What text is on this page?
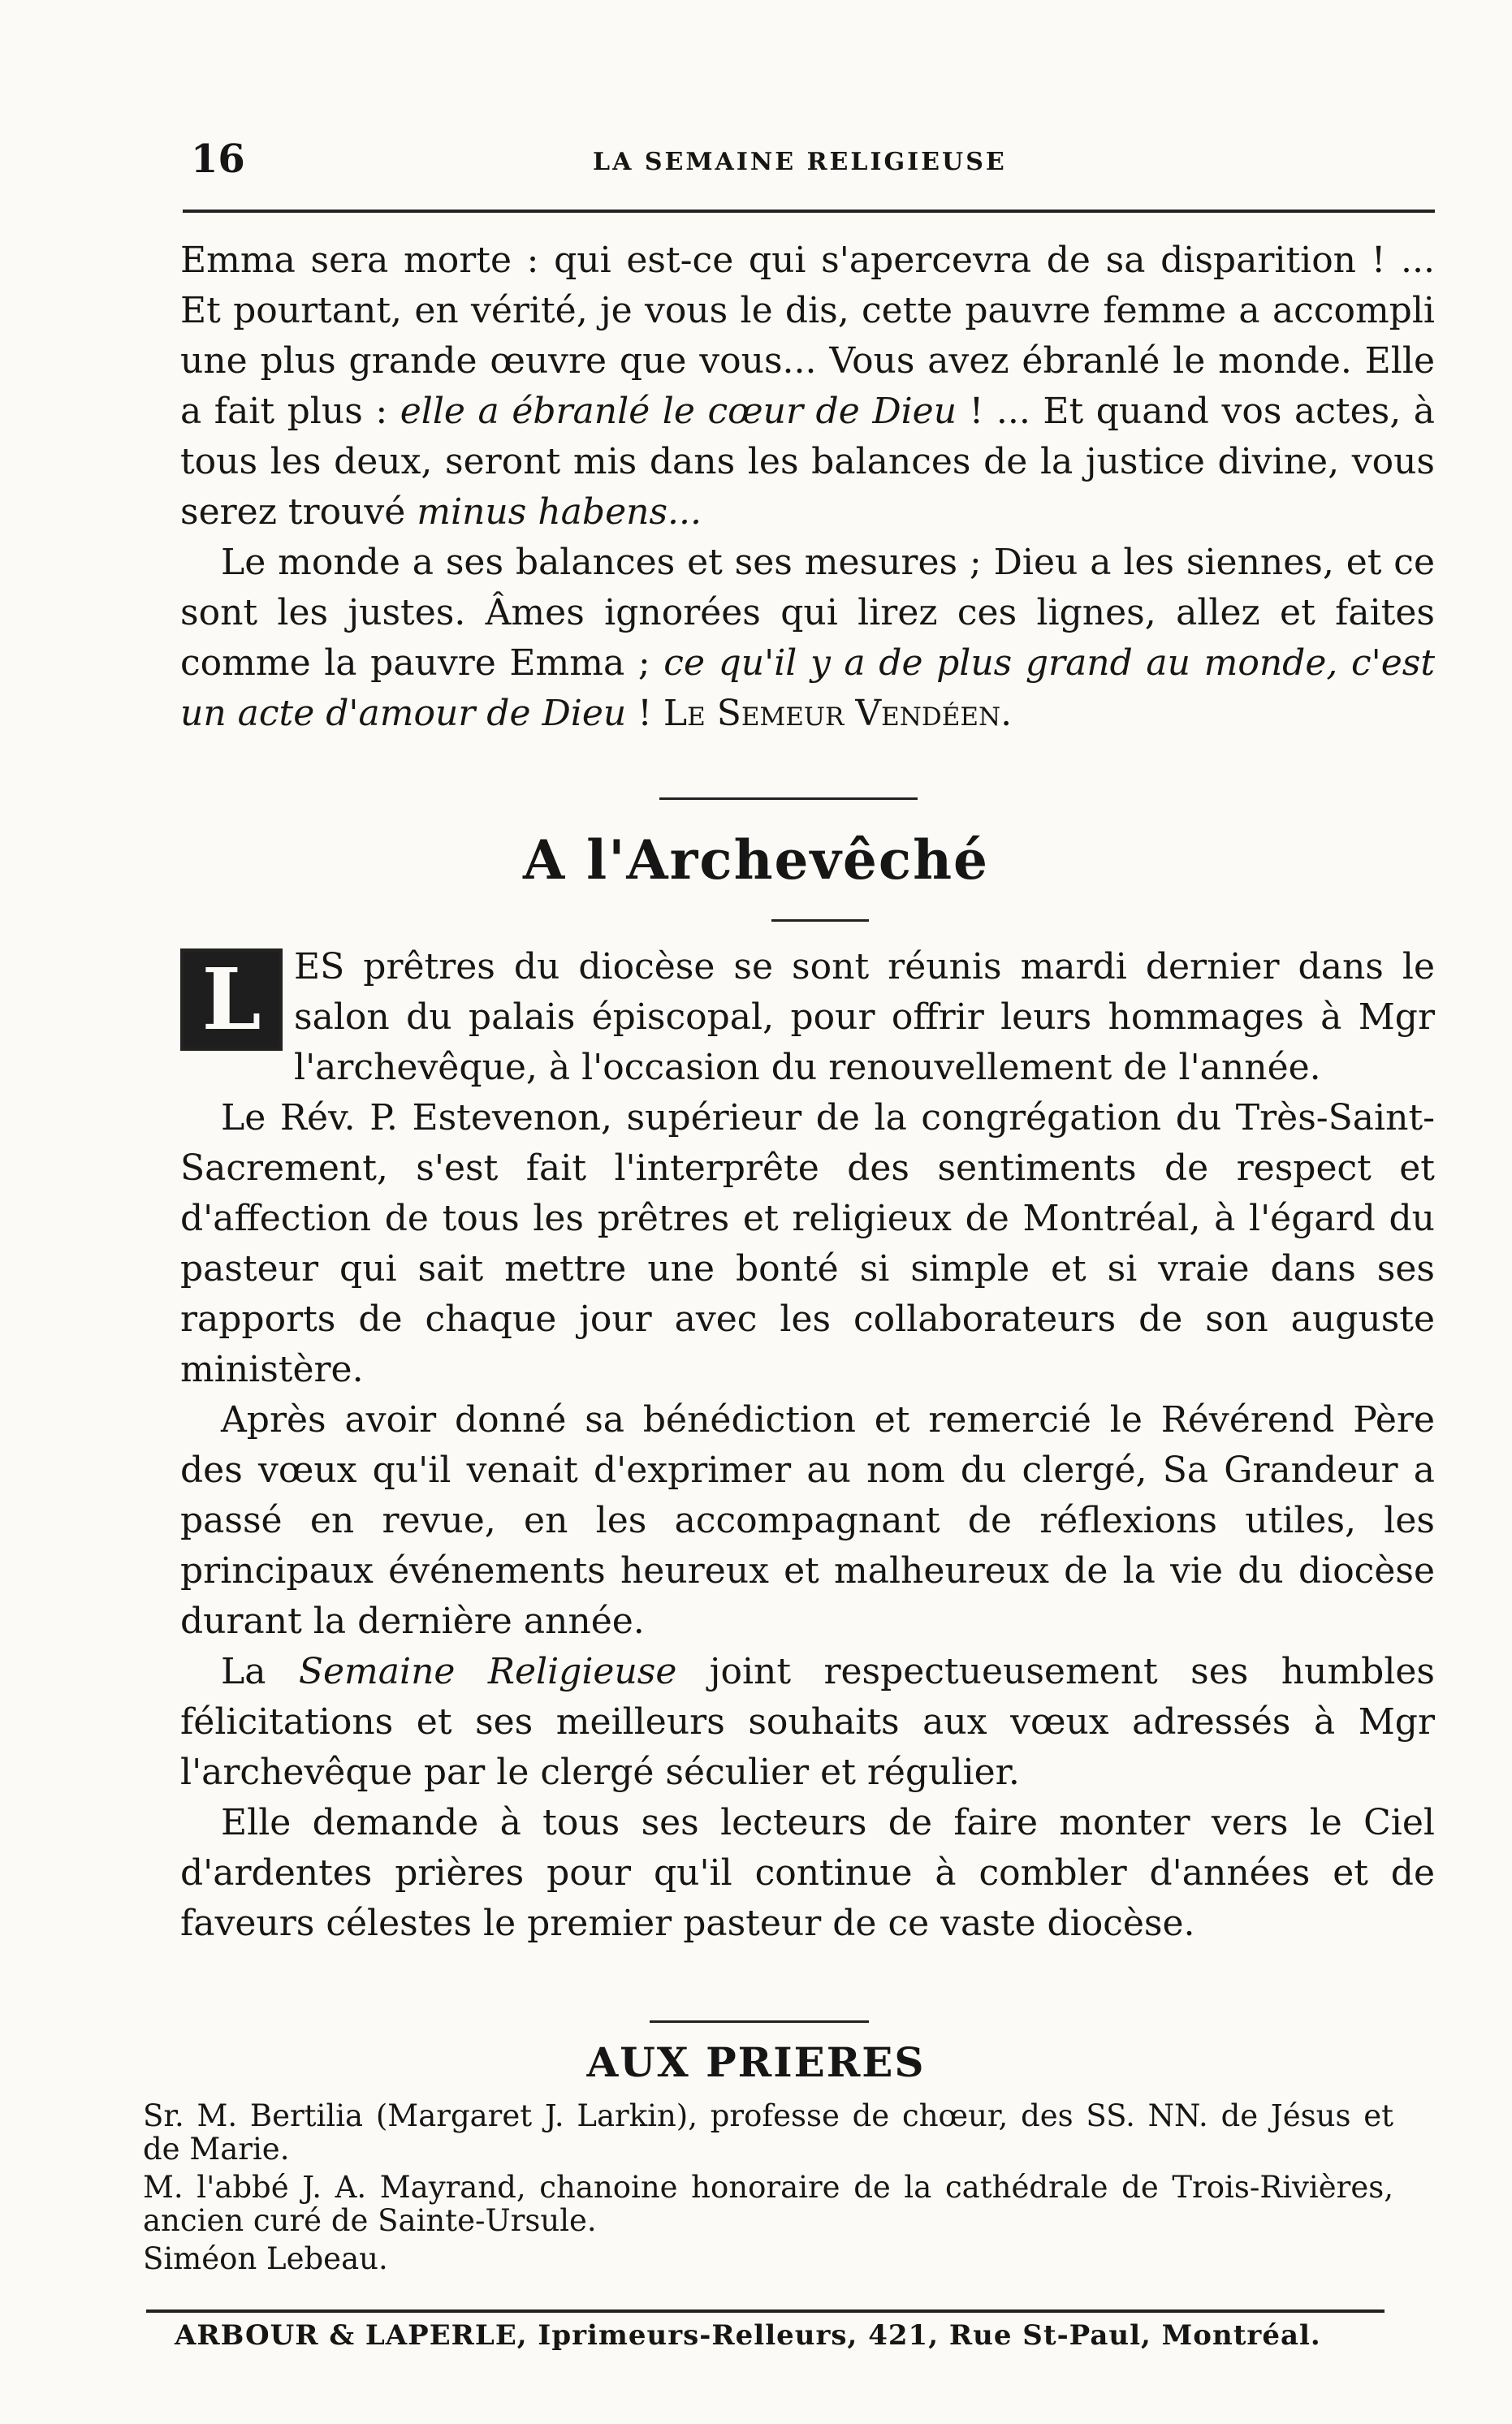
16	LA SEMAINE RELIGIEUSE

Emma sera morte : qui est-ce qui s'apercevra de sa disparition ! ... Et pourtant, en vérité, je vous le dis, cette pauvre femme a accompli une plus grande œuvre que vous... Vous avez ébranlé le monde. Elle a fait plus : elle a ébranlé le cœur de Dieu ! ... Et quand vos actes, à tous les deux, seront mis dans les balances de la justice divine, vous serez trouvé minus habens...

Le monde a ses balances et ses mesures ; Dieu a les siennes, et ce sont les justes. Âmes ignorées qui lirez ces lignes, allez et faites comme la pauvre Emma ; ce qu'il y a de plus grand au monde, c'est un acte d'amour de Dieu ! Le Semeur Vendéen.

A l'Archevêché

L ES prêtres du diocèse se sont réunis mardi dernier dans le salon du palais épiscopal, pour offrir leurs hommages à Mgr l'archevêque, à l'occasion du renouvellement de l'année.

Le Rév. P. Estevenon, supérieur de la congrégation du Très-Saint-Sacrement, s'est fait l'interprête des sentiments de respect et d'affection de tous les prêtres et religieux de Montréal, à l'égard du pasteur qui sait mettre une bonté si simple et si vraie dans ses rapports de chaque jour avec les collaborateurs de son auguste ministère.

Après avoir donné sa bénédiction et remercié le Révérend Père des vœux qu'il venait d'exprimer au nom du clergé, Sa Grandeur a passé en revue, en les accompagnant de réflexions utiles, les principaux événements heureux et malheureux de la vie du diocèse durant la dernière année.

La Semaine Religieuse joint respectueusement ses humbles félicitations et ses meilleurs souhaits aux vœux adressés à Mgr l'archevêque par le clergé séculier et régulier.

Elle demande à tous ses lecteurs de faire monter vers le Ciel d'ardentes prières pour qu'il continue à combler d'années et de faveurs célestes le premier pasteur de ce vaste diocèse.

AUX PRIERES

Sr. M. Bertilia (Margaret J. Larkin), professe de chœur, des SS. NN. de Jésus et de Marie.

M. l'abbé J. A. Mayrand, chanoine honoraire de la cathédrale de Trois-Rivières, ancien curé de Sainte-Ursule.

Siméon Lebeau.

ARBOUR & LAPERLE, Iprimeurs-Relleurs, 421, Rue St-Paul, Montréal.
